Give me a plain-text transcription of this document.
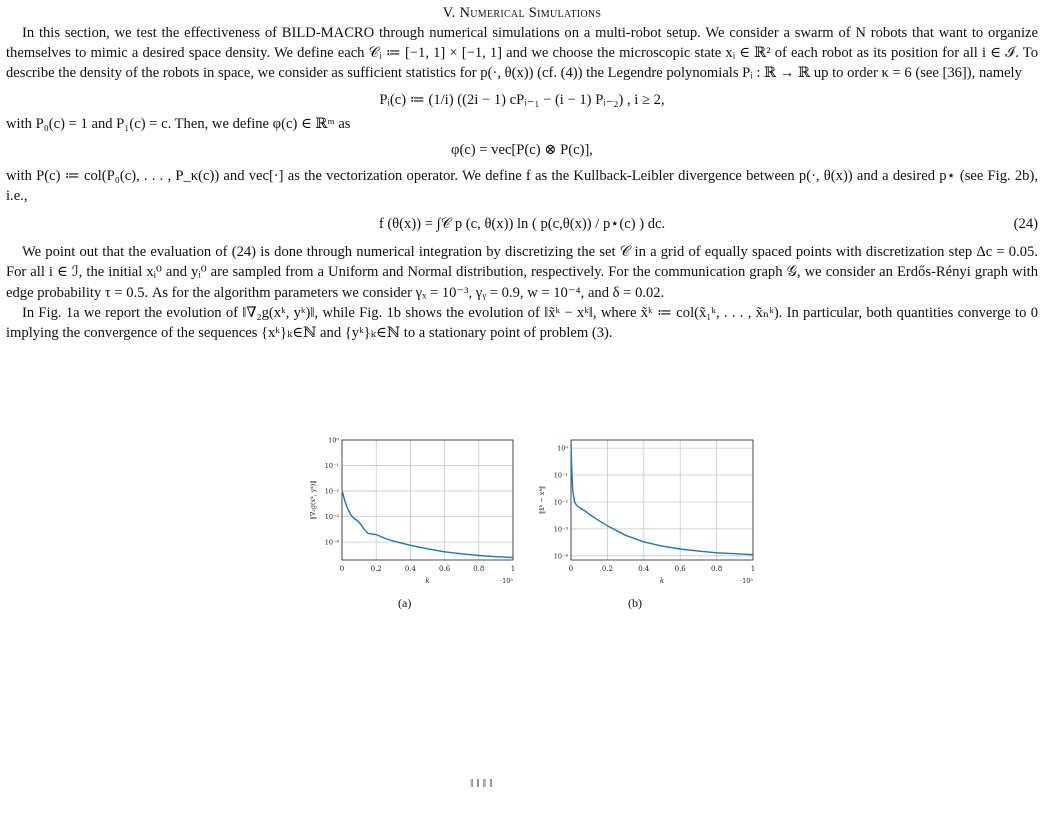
V. Numerical Simulations

In this section, we test the effectiveness of BILD-MACRO through numerical simulations on a multi-robot setup. We consider a swarm of N robots that want to organize themselves to mimic a desired space density. We define each 𝒞ᵢ ≔ [−1, 1] × [−1, 1] and we choose the microscopic state xᵢ ∈ ℝ² of each robot as its position for all i ∈ ℐ. To describe the density of the robots in space, we consider as sufficient statistics for p(·, θ(x)) (cf. (4)) the Legendre polynomials Pᵢ : ℝ → ℝ up to order κ = 6 (see [36]), namely

Pᵢ(c) ≔ (1/i) ((2i − 1) cPᵢ₋₁ − (i − 1) Pᵢ₋₂) , i ≥ 2,

with P₀(c) = 1 and P₁(c) = c. Then, we define φ(c) ∈ ℝᵐ as

φ(c) = vec[P(c) ⊗ P(c)],

with P(c) ≔ col(P₀(c), . . . , P_κ(c)) and vec[·] as the vectorization operator. We define f as the Kullback-Leibler divergence between p(·, θ(x)) and a desired p⋆ (see Fig. 2b), i.e.,

f (θ(x)) = ∫𝒞 p (c, θ(x)) ln ( p(c,θ(x)) / p⋆(c) ) dc.	(24)

We point out that the evaluation of (24) is done through numerical integration by discretizing the set 𝒞 in a grid of equally spaced points with discretization step Δc = 0.05. For all i ∈ ℐ, the initial xᵢ⁰ and yᵢ⁰ are sampled from a Uniform and Normal distribution, respectively. For the communication graph 𝒢, we consider an Erdős-Rényi graph with edge probability τ = 0.5. As for the algorithm parameters we consider γₓ = 10⁻³, γᵧ = 0.9, w = 10⁻⁴, and δ = 0.02.

In Fig. 1a we report the evolution of ‖∇₂g(xᵏ, yᵏ)‖, while Fig. 1b shows the evolution of ‖x̃ᵏ − xᵏ‖, where x̃ᵏ ≔ col(x̃₁ᵏ, . . . , x̃ₙᵏ). In particular, both quantities converge to 0 implying the convergence of the sequences {xᵏ}ₖ∈ℕ and {yᵏ}ₖ∈ℕ to a stationary point of problem (3).

0	0.2	0.4	0.6	0.8	1
10⁰
10⁻¹
10⁻²
10⁻³
10⁻⁴
k	·10⁵
‖∇₂g(xᵏ, yᵏ)‖
0	0.2	0.4	0.6	0.8	1
10⁰
10⁻¹
10⁻²
10⁻³
10⁻⁴
k	·10⁵
‖x̃ᵏ − xᵏ‖
(a)	(b)
‖ ‖ ‖ ‖
